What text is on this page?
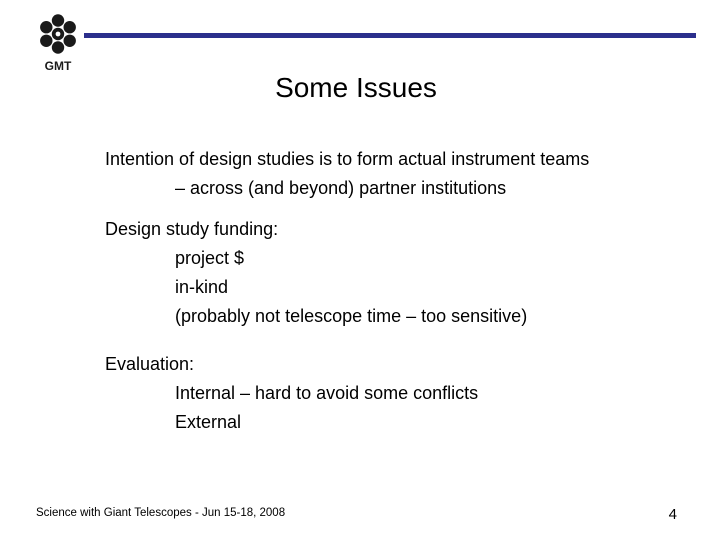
GMT
Some Issues
Intention of design studies is to form actual instrument teams
– across (and beyond) partner institutions
Design study funding:
project $
in-kind
(probably not telescope time – too sensitive)
Evaluation:
Internal – hard to avoid some conflicts
External
Science with Giant Telescopes - Jun 15-18, 2008	4
